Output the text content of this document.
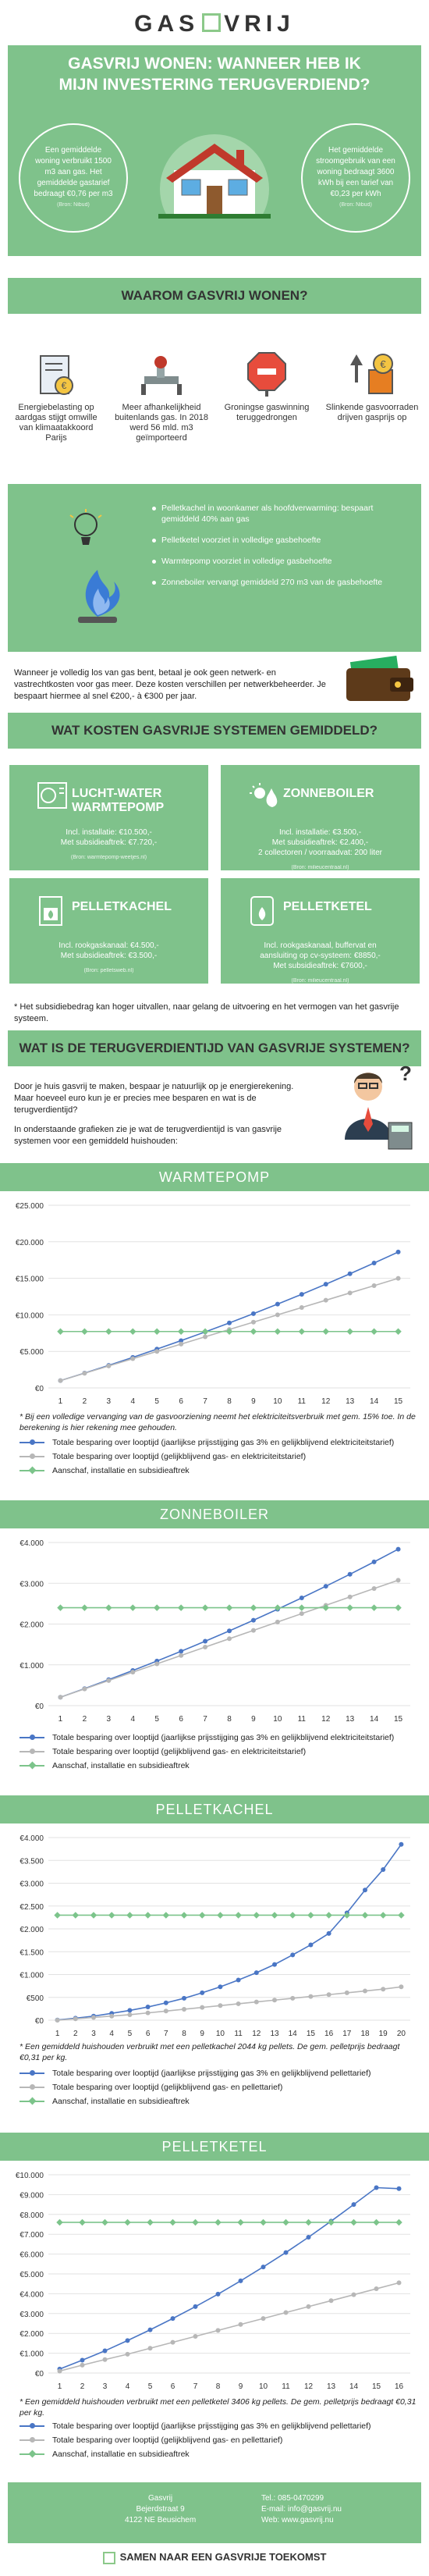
GAS VRIJ
GASVRIJ WONEN: WANNEER HEB IK
MIJN INVESTERING TERUGVERDIEND?
Een gemiddelde woning verbruikt 1500 m3 aan gas. Het gemiddelde gastarief bedraagt €0,76 per m3
(Bron: Nibud)
Het gemiddelde stroomgebruik van een woning bedraagt 3600 kWh bij een tarief van €0,23 per kWh
(Bron: Nibud)
WAAROM GASVRIJ WONEN?
€
Energiebelasting op aardgas stijgt omwille van klimaatakkoord Parijs
Meer afhankelijkheid buitenlands gas. In 2018 werd 56 mld. m3 geïmporteerd
Groningse gaswinning teruggedrongen
€
Slinkende gasvoorraden drijven gasprijs op
Pelletkachel in woonkamer als hoofdverwarming: bespaart gemiddeld 40% aan gas
Pelletketel voorziet in volledige gasbehoefte
Warmtepomp voorziet in volledige gasbehoefte
Zonneboiler vervangt gemiddeld 270 m3 van de gasbehoefte
Wanneer je volledig los van gas bent, betaal je ook geen netwerk- en vastrechtkosten voor gas meer. Deze kosten verschillen per netwerkbeheerder. Je bespaart hiermee al snel €200,- à €300 per jaar.
WAT KOSTEN GASVRIJE SYSTEMEN GEMIDDELD?
LUCHT-WATER WARMTEPOMP
Incl. installatie: €10.500,-
Met subsidieaftrek: €7.720,-
(Bron: warmtepomp-weetjes.nl)
ZONNEBOILER
Incl. installatie: €3.500,-
Met subsidieaftrek: €2.400,-
2 collectoren / voorraadvat: 200 liter
(Bron: milieucentraal.nl)
PELLETKACHEL
Incl. rookgaskanaal: €4.500,-
Met subsidieaftrek: €3.500,-
(Bron: pelletsweb.nl)
PELLETKETEL
Incl. rookgaskanaal, buffervat en
aansluiting op cv-systeem: €8850,-
Met subsidieaftrek: €7600,-
(Bron: milieucentraal.nl)
* Het subsidiebedrag kan hoger uitvallen, naar gelang de uitvoering en het vermogen van het gasvrije systeem.
WAT IS DE TERUGVERDIENTIJD VAN GASVRIJE SYSTEMEN?
Door je huis gasvrij te maken, bespaar je natuurlijk op je energierekening. Maar hoeveel euro kun je er precies mee besparen en wat is de terugverdientijd?
In onderstaande grafieken zie je wat de terugverdientijd is van gasvrije systemen voor een gemiddeld huishouden:
?
WARMTEPOMP
€0
€5.000
€10.000
€15.000
€20.000
€25.000
1	2	3	4	5	6	7	8	9 10 11 12 13 14 15
* Bij een volledige vervanging van de gasvoorziening neemt het elektriciteitsverbruik met gem. 15% toe. In de berekening is hier rekening mee gehouden.
Totale besparing over looptijd (jaarlijkse prijsstijging gas 3% en gelijkblijvend elektriciteitstarief)
Totale besparing over looptijd (gelijkblijvend gas- en elektriciteitstarief)
Aanschaf, installatie en subsidieaftrek
ZONNEBOILER
€0
€1.000
€2.000
€3.000
€4.000
1	2	3	4	5	6	7	8	9 10 11 12 13 14 15
Totale besparing over looptijd (jaarlijkse prijsstijging gas 3% en gelijkblijvend elektriciteitstarief)
Totale besparing over looptijd (gelijkblijvend gas- en elektriciteitstarief)
Aanschaf, installatie en subsidieaftrek
PELLETKACHEL
€0
€500
€1.000
€1.500
€2.000
€2.500
€3.000
€3.500
€4.000
1 2 3 4 5 6 7 8 9 10 11 12 13 14 15 16 17 18 19 20
* Een gemiddeld huishouden verbruikt met een pelletkachel 2044 kg pellets. De gem. pelletprijs bedraagt €0,31 per kg.
Totale besparing over looptijd (jaarlijkse prijsstijging gas 3% en gelijkblijvend pellettarief)
Totale besparing over looptijd (gelijkblijvend gas- en pellettarief)
Aanschaf, installatie en subsidieaftrek
PELLETKETEL
€0
€1.000
€2.000
€3.000
€4.000
€5.000
€6.000
€7.000
€8.000
€9.000
€10.000
1 2 3 4 5 6 7 8 9 10 11 12 13 14 15 16
* Een gemiddeld huishouden verbruikt met een pelletketel 3406 kg pellets. De gem. pelletprijs bedraagt €0,31 per kg.
Totale besparing over looptijd (jaarlijkse prijsstijging gas 3% en gelijkblijvend pellettarief)
Totale besparing over looptijd (gelijkblijvend gas- en pellettarief)
Aanschaf, installatie en subsidieaftrek
Gasvrij
Bejerdstraat 9
4122 NE Beusichem
Tel.: 085-0470299
E-mail: info@gasvrij.nu
Web: www.gasvrij.nu
SAMEN NAAR EEN GASVRIJE TOEKOMST
